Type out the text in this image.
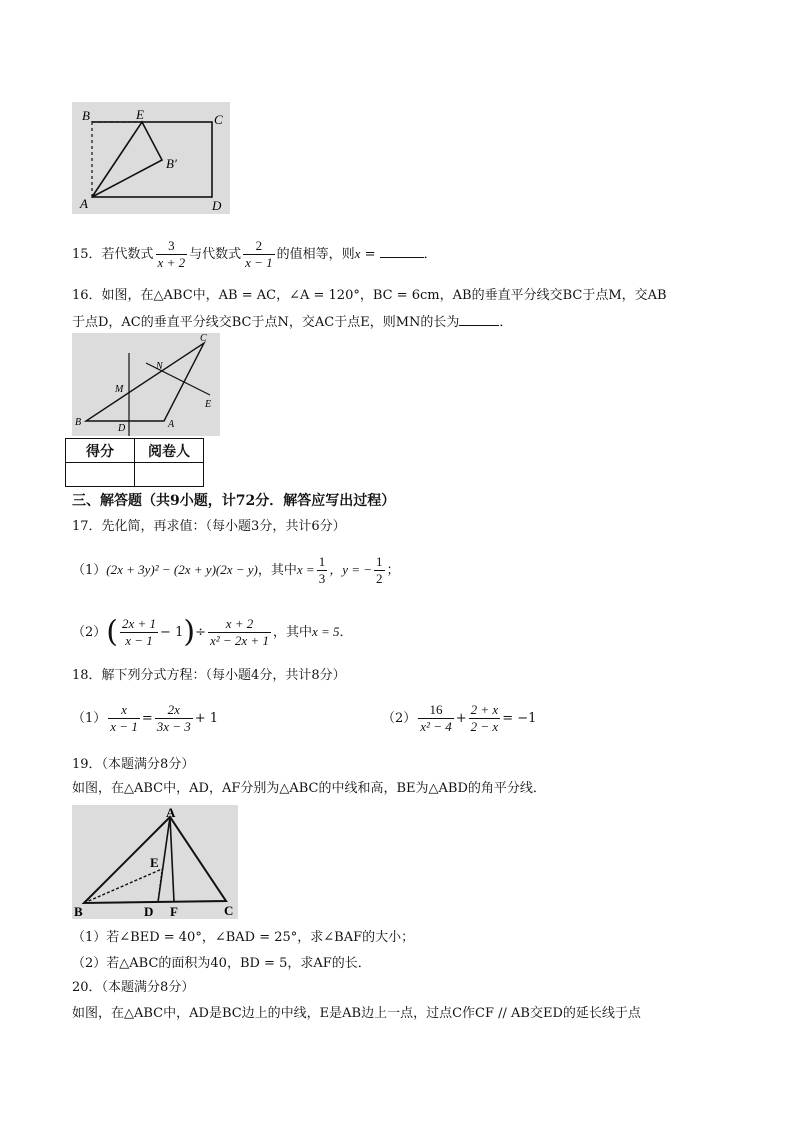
B	E	C
B′
A	D
15．若代数式 $\frac{3}{x + 2}$ 与代数式 $\frac{2}{x - 1}$ 的值相等，则x =	．
16．如图，在△ABC中，AB = AC，∠A = 120°，BC = 6cm，AB的垂直平分线交BC于点M，交AB
于点D，AC的垂直平分线交BC于点N，交AC于点E，则MN的长为	．
C
N
M
E
B
D	A
得分	阅卷人

三、解答题（共9小题，计72分．解答应写出过程）
17．先化简，再求值：（每小题3分，共计6分）
（1）(2x + 3y)² − (2x + y)(2x − y)，其中$x = \frac{1}{3}$ ，y = − $\frac{1}{2}$ ；
$(2)( \frac{2x + 1}{x - 1} - 1)\div \frac{x + 2}{\text{x² − 2x + 1}}$ ，其中x = 5．
18．解下列分式方程：（每小题4分，共计8分）
$(1) \frac{x}{x - 1} = \frac{2x}{3x - 3} + 1$	$(2) \frac{16}{\text{x² − 4}} + \frac{2 + x}{2 - x} = -1$
19．（本题满分8分）
如图，在△ABC中，AD，AF分别为△ABC的中线和高，BE为△ABD的角平分线．
A
E
B	D F	C
（1）若∠BED = 40°，∠BAD = 25°，求∠BAF的大小；
（2）若△ABC的面积为40，BD = 5，求AF的长．
20．（本题满分8分）
如图，在△ABC中，AD是BC边上的中线，E是AB边上一点，过点C作CF // AB交ED的延长线于点
